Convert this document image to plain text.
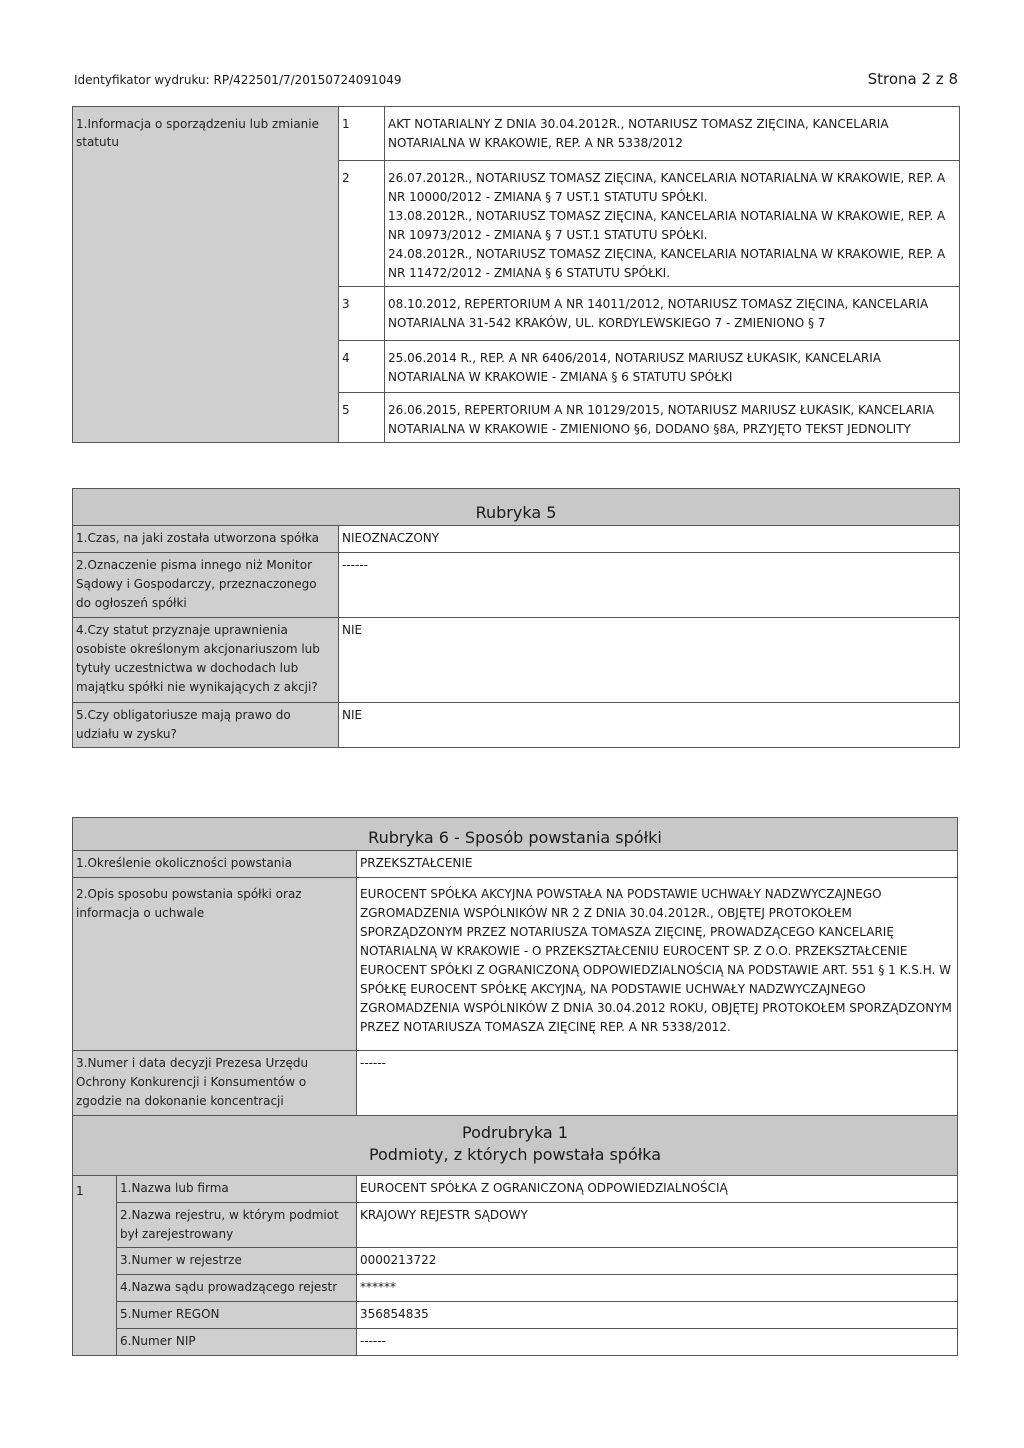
Identyfikator wydruku: RP/422501/7/20150724091049	Strona 2 z 8
1.Informacja o sporządzeniu lub zmianie statutu	1	AKT NOTARIALNY Z DNIA 30.04.2012R., NOTARIUSZ TOMASZ ZIĘCINA, KANCELARIA NOTARIALNA W KRAKOWIE, REP. A NR 5338/2012

	2	26.07.2012R., NOTARIUSZ TOMASZ ZIĘCINA, KANCELARIA NOTARIALNA W KRAKOWIE, REP. A NR 10000/2012 - ZMIANA § 7 UST.1 STATUTU SPÓŁKI.
13.08.2012R., NOTARIUSZ TOMASZ ZIĘCINA, KANCELARIA NOTARIALNA W KRAKOWIE, REP. A NR 10973/2012 - ZMIANA § 7 UST.1 STATUTU SPÓŁKI.
24.08.2012R., NOTARIUSZ TOMASZ ZIĘCINA, KANCELARIA NOTARIALNA W KRAKOWIE, REP. A NR 11472/2012 - ZMIANA § 6 STATUTU SPÓŁKI.

	3	08.10.2012, REPERTORIUM A NR 14011/2012, NOTARIUSZ TOMASZ ZIĘCINA, KANCELARIA NOTARIALNA 31-542 KRAKÓW, UL. KORDYLEWSKIEGO 7 - ZMIENIONO § 7

	4	25.06.2014 R., REP. A NR 6406/2014, NOTARIUSZ MARIUSZ ŁUKASIK, KANCELARIA NOTARIALNA W KRAKOWIE - ZMIANA § 6 STATUTU SPÓŁKI

	5	26.06.2015, REPERTORIUM A NR 10129/2015, NOTARIUSZ MARIUSZ ŁUKASIK, KANCELARIA NOTARIALNA W KRAKOWIE - ZMIENIONO §6, DODANO §8A, PRZYJĘTO TEKST JEDNOLITY
Rubryka 5	
1.Czas, na jaki została utworzona spółka	NIEOZNACZONY
2.Oznaczenie pisma innego niż Monitor Sądowy i Gospodarczy, przeznaczonego do ogłoszeń spółki	------
4.Czy statut przyznaje uprawnienia osobiste określonym akcjonariuszom lub tytuły uczestnictwa w dochodach lub majątku spółki nie wynikających z akcji?	NIE
5.Czy obligatoriusze mają prawo do udziału w zysku?	NIE
Rubryka 6 - Sposób powstania spółki		
1.Określenie okoliczności powstania		PRZEKSZTAŁCENIE
2.Opis sposobu powstania spółki oraz informacja o uchwale		EUROCENT SPÓŁKA AKCYJNA POWSTAŁA NA PODSTAWIE UCHWAŁY NADZWYCZAJNEGO ZGROMADZENIA WSPÓLNIKÓW NR 2 Z DNIA 30.04.2012R., OBJĘTEJ PROTOKOŁEM SPORZĄDZONYM PRZEZ NOTARIUSZA TOMASZA ZIĘCINĘ, PROWADZĄCEGO KANCELARIĘ NOTARIALNĄ W KRAKOWIE - O PRZEKSZTAŁCENIU EUROCENT SP. Z O.O. PRZEKSZTAŁCENIE EUROCENT SPÓŁKI Z OGRANICZONĄ ODPOWIEDZIALNOŚCIĄ NA PODSTAWIE ART. 551 § 1 K.S.H. W SPÓŁKĘ EUROCENT SPÓŁKĘ AKCYJNĄ, NA PODSTAWIE UCHWAŁY NADZWYCZAJNEGO ZGROMADZENIA WSPÓLNIKÓW Z DNIA 30.04.2012 ROKU, OBJĘTEJ PROTOKOŁEM SPORZĄDZONYM PRZEZ NOTARIUSZA TOMASZA ZIĘCINĘ REP. A NR 5338/2012.
3.Numer i data decyzji Prezesa Urzędu Ochrony Konkurencji i Konsumentów o zgodzie na dokonanie koncentracji		------

Podrubryka 1
Podmioty, z których powstała spółka		

1	1.Nazwa lub firma	EUROCENT SPÓŁKA Z OGRANICZONĄ ODPOWIEDZIALNOŚCIĄ
	2.Nazwa rejestru, w którym podmiot był zarejestrowany	KRAJOWY REJESTR SĄDOWY
	3.Numer w rejestrze	0000213722
	4.Nazwa sądu prowadzącego rejestr	******
	5.Numer REGON	356854835
	6.Numer NIP	------
